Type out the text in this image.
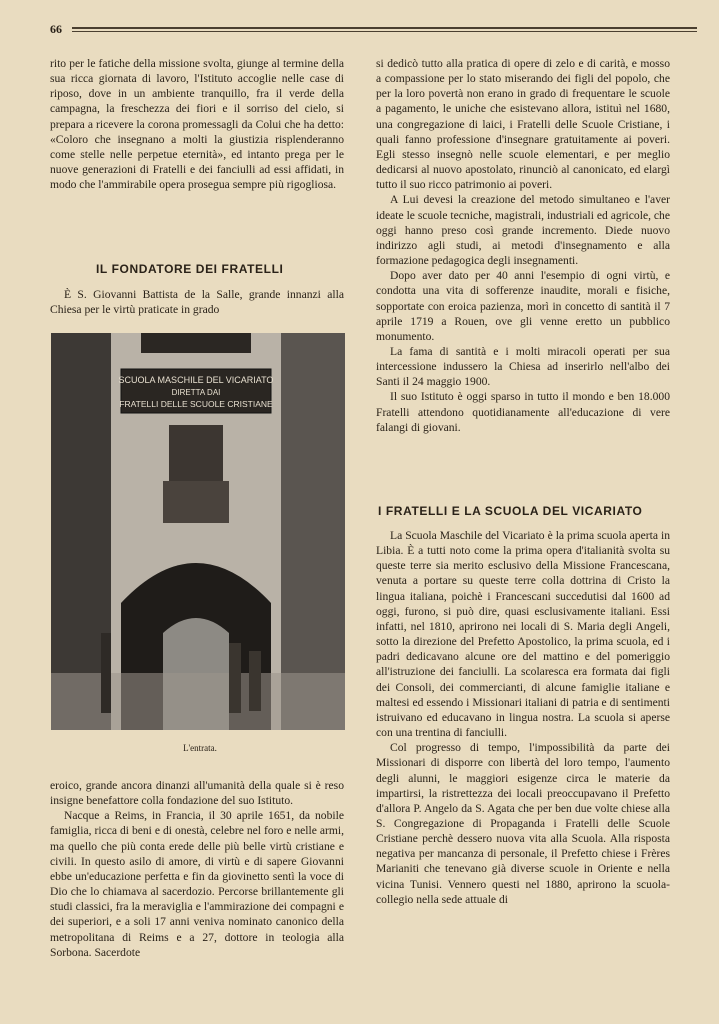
66

rito per le fatiche della missione svolta, giunge al termine della sua ricca giornata di lavoro, l'Istituto accoglie nelle case di riposo, dove in un ambiente tranquillo, fra il verde della campagna, la freschezza dei fiori e il sorriso del cielo, si prepara a ricevere la corona promessagli da Colui che ha detto: «Coloro che insegnano a molti la giustizia risplenderanno come stelle nelle perpetue eternità», ed intanto prega per le nuove generazioni di Fratelli e dei fanciulli ad essi affidati, in modo che l'ammirabile opera prosegua sempre più rigogliosa.

IL FONDATORE DEI FRATELLI

È S. Giovanni Battista de la Salle, grande innanzi alla Chiesa per le virtù praticate in grado

SCUOLA MASCHILE DEL VICARIATO
DIRETTA DAI
FRATELLI DELLE SCUOLE CRISTIANE
L'entrata.

eroico, grande ancora dinanzi all'umanità della quale si è reso insigne benefattore colla fondazione del suo Istituto.

Nacque a Reims, in Francia, il 30 aprile 1651, da nobile famiglia, ricca di beni e di onestà, celebre nel foro e nelle armi, ma quello che più conta erede delle più belle virtù cristiane e civili. In questo asilo di amore, di virtù e di sapere Giovanni ebbe un'educazione perfetta e fin da giovinetto sentì la voce di Dio che lo chiamava al sacerdozio. Percorse brillantemente gli studi classici, fra la meraviglia e l'ammirazione dei compagni e dei superiori, e a soli 17 anni veniva nominato canonico della metropolitana di Reims e a 27, dottore in teologia alla Sorbona. Sacerdote

si dedicò tutto alla pratica di opere di zelo e di carità, e mosso a compassione per lo stato miserando dei figli del popolo, che per la loro povertà non erano in grado di frequentare le scuole a pagamento, le uniche che esistevano allora, istituì nel 1680, una congregazione di laici, i Fratelli delle Scuole Cristiane, i quali fanno professione d'insegnare gratuitamente ai poveri. Egli stesso insegnò nelle scuole elementari, e per meglio dedicarsi al nuovo apostolato, rinunciò al canonicato, ed elargì tutto il suo ricco patrimonio ai poveri.

A Lui devesi la creazione del metodo simultaneo e l'aver ideate le scuole tecniche, magistrali, industriali ed agricole, che oggi hanno preso così grande incremento. Diede nuovo indirizzo agli studi, ai metodi d'insegnamento e alla formazione pedagogica degli insegnamenti.

Dopo aver dato per 40 anni l'esempio di ogni virtù, e condotta una vita di sofferenze inaudite, morali e fisiche, sopportate con eroica pazienza, morì in concetto di santità il 7 aprile 1719 a Rouen, ove gli venne eretto un pubblico monumento.

La fama di santità e i molti miracoli operati per sua intercessione indussero la Chiesa ad inserirlo nell'albo dei Santi il 24 maggio 1900.

Il suo Istituto è oggi sparso in tutto il mondo e ben 18.000 Fratelli attendono quotidianamente all'educazione di vere falangi di giovani.

I FRATELLI E LA SCUOLA DEL VICARIATO

La Scuola Maschile del Vicariato è la prima scuola aperta in Libia. È a tutti noto come la prima opera d'italianità svolta su queste terre sia merito esclusivo della Missione Francescana, venuta a portare su queste terre colla dottrina di Cristo la lingua italiana, poichè i Francescani succedutisi dal 1600 ad oggi, furono, si può dire, quasi esclusivamente italiani. Essi infatti, nel 1810, aprirono nei locali di S. Maria degli Angeli, sotto la direzione del Prefetto Apostolico, la prima scuola, ed i padri dedicavano alcune ore del mattino e del pomeriggio all'istruzione dei fanciulli. La scolaresca era formata dai figli dei Consoli, dei commercianti, di alcune famiglie italiane e maltesi ed essendo i Missionari italiani di patria e di sentimenti istruivano ed educavano in lingua nostra. La scuola si aperse con una trentina di fanciulli.

Col progresso di tempo, l'impossibilità da parte dei Missionari di disporre con libertà del loro tempo, l'aumento degli alunni, le maggiori esigenze circa le materie da impartirsi, la ristrettezza dei locali preoccupavano il Prefetto d'allora P. Angelo da S. Agata che per ben due volte chiese alla S. Congregazione di Propaganda i Fratelli delle Scuole Cristiane perchè dessero nuova vita alla Scuola. Alla risposta negativa per mancanza di personale, il Prefetto chiese i Frères Marianiti che tenevano già diverse scuole in Oriente e nella vicina Tunisi. Vennero questi nel 1880, aprirono la scuola-collegio nella sede attuale di
